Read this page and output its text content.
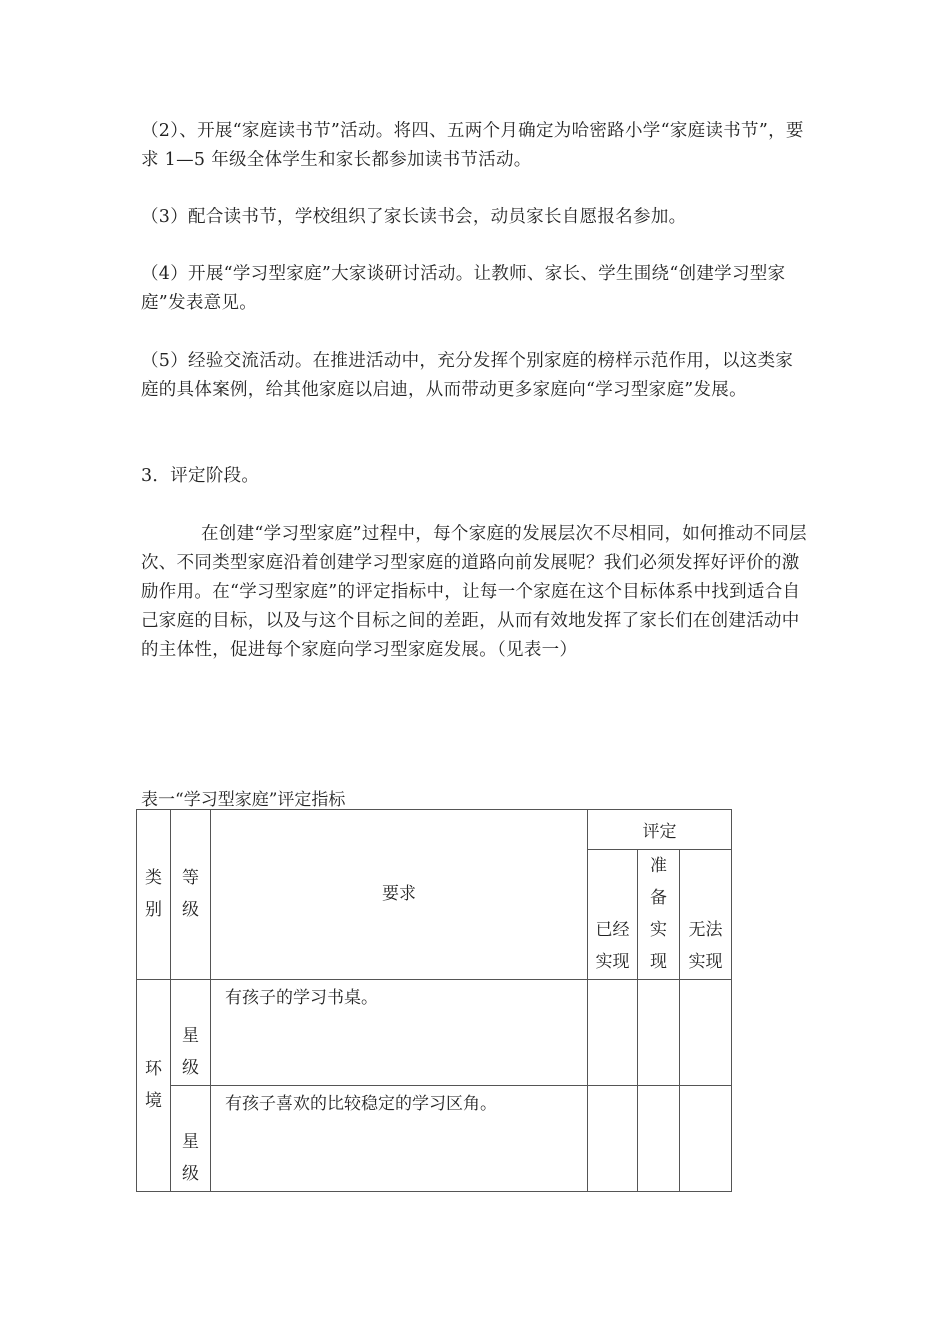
（2）、开展“家庭读书节”活动。将四、五两个月确定为哈密路小学“家庭读书节”，要求 1—5 年级全体学生和家长都参加读书节活动。

（3）配合读书节，学校组织了家长读书会，动员家长自愿报名参加。

（4）开展“学习型家庭”大家谈研讨活动。让教师、家长、学生围绕“创建学习型家庭”发表意见。

（5）经验交流活动。在推进活动中，充分发挥个别家庭的榜样示范作用，以这类家庭的具体案例，给其他家庭以启迪，从而带动更多家庭向“学习型家庭”发展。

3．评定阶段。

在创建“学习型家庭”过程中，每个家庭的发展层次不尽相同，如何推动不同层次、不同类型家庭沿着创建学习型家庭的道路向前发展呢？我们必须发挥好评价的激励作用。在“学习型家庭”的评定指标中，让每一个家庭在这个目标体系中找到适合自己家庭的目标，以及与这个目标之间的差距，从而有效地发挥了家长们在创建活动中的主体性，促进每个家庭向学习型家庭发展。（见表一）

表一“学习型家庭”评定指标

类别	等级	要求	评定		
			已经实现	准备实现	无法实现
环境	星级	有孩子的学习书桌。			
	星级	有孩子喜欢的比较稳定的学习区角。			
